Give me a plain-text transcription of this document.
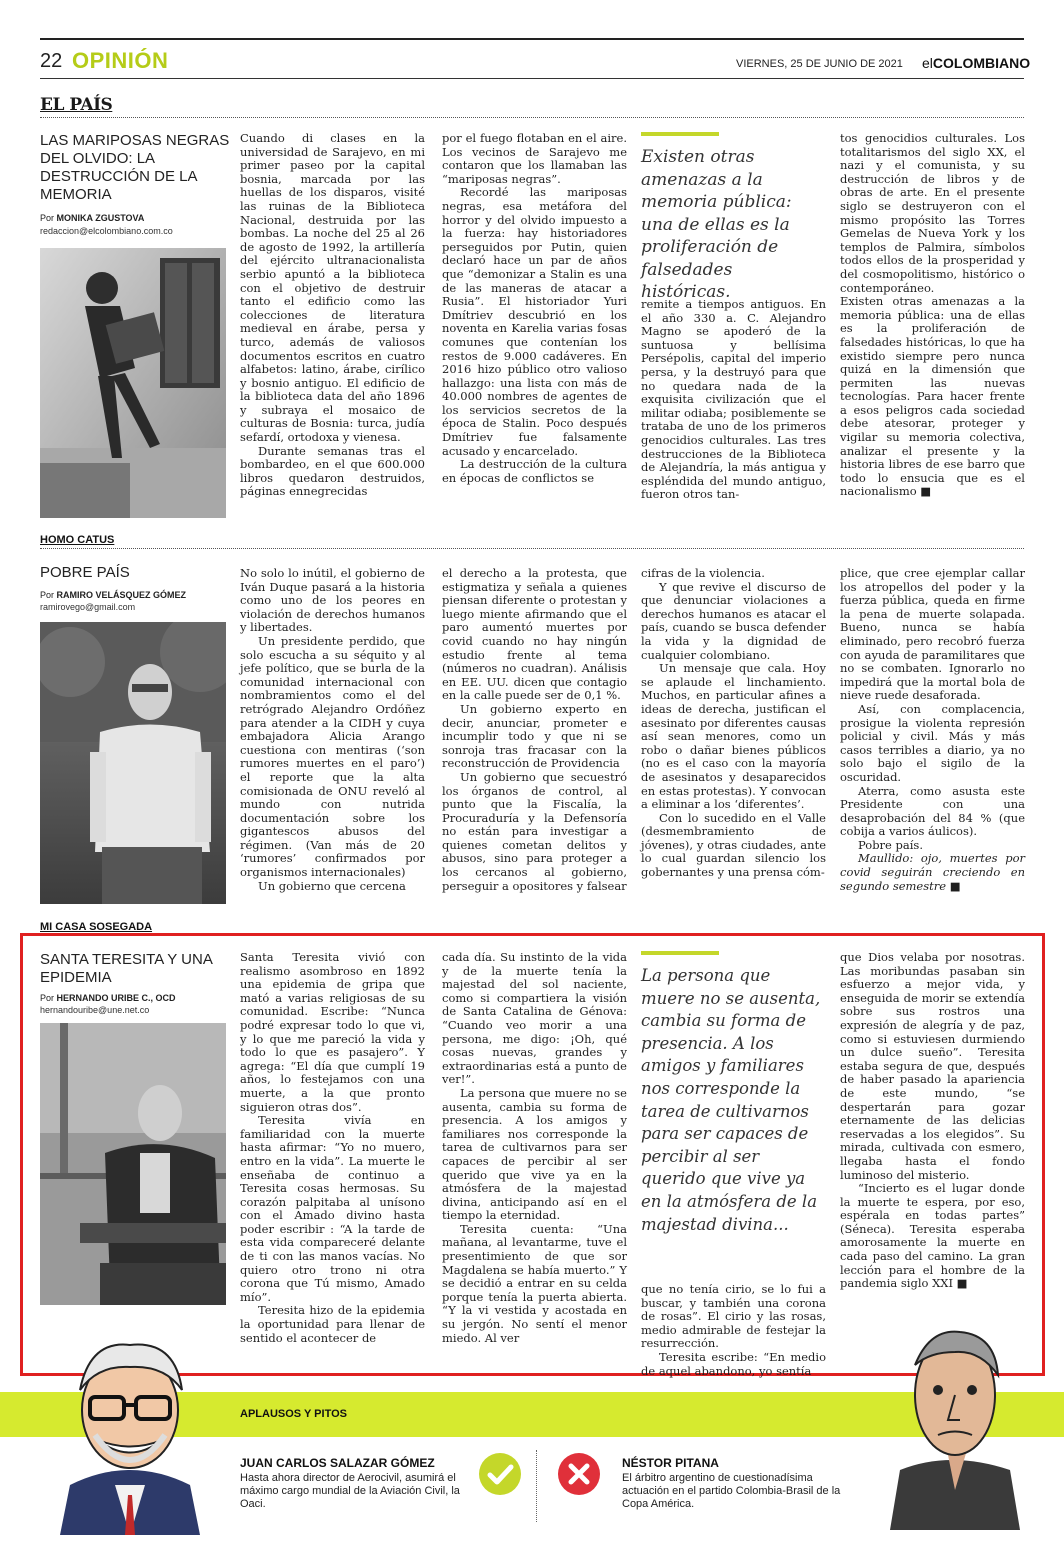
22 OPINIÓN	VIERNES, 25 DE JUNIO DE 2021 elCOLOMBIANO
EL PAÍS
LAS MARIPOSAS NEGRAS DEL OLVIDO: LA DESTRUCCIÓN DE LA MEMORIA
Por MONIKA ZGUSTOVA
redaccion@elcolombiano.com.co

Cuando di clases en la universidad de Sarajevo, en mi primer paseo por la capital bosnia, marcada por las huellas de los disparos, visité las ruinas de la Biblioteca Nacional, destruida por las bombas. La noche del 25 al 26 de agosto de 1992, la artillería del ejército ultranacionalista serbio apuntó a la biblioteca con el objetivo de destruir tanto el edificio como las colecciones de literatura medieval en árabe, persa y turco, además de valiosos documentos escritos en cuatro alfabetos: latino, árabe, cirílico y bosnio antiguo. El edificio de la biblioteca data del año 1896 y subraya el mosaico de culturas de Bosnia: turca, judía sefardí, ortodoxa y vienesa.

Durante semanas tras el bombardeo, en el que 600.000 libros quedaron destruidos, páginas ennegrecidas

por el fuego flotaban en el aire. Los vecinos de Sarajevo me contaron que los llamaban las “mariposas negras”.

Recordé las mariposas negras, esa metáfora del horror y del olvido impuesto a la fuerza: hay historiadores perseguidos por Putin, quien declaró hace un par de años que “demonizar a Stalin es una de las maneras de atacar a Rusia”. El historiador Yuri Dmítriev descubrió en los noventa en Karelia varias fosas comunes que contenían los restos de 9.000 cadáveres. En 2016 hizo público otro valioso hallazgo: una lista con más de 40.000 nombres de agentes de los servicios secretos de la época de Stalin. Poco después Dmítriev fue falsamente acusado y encarcelado.

La destrucción de la cultura en épocas de conflictos se

Existen otras amenazas a la memoria pública: una de ellas es la proliferación de falsedades históricas.

remite a tiempos antiguos. En el año 330 a. C. Alejandro Magno se apoderó de la suntuosa y bellísima Persépolis, capital del imperio persa, y la destruyó para que no quedara nada de la exquisita civilización que el militar odiaba; posiblemente se trataba de uno de los primeros genocidios culturales. Las tres destrucciones de la Biblioteca de Alejandría, la más antigua y espléndida del mundo antiguo, fueron otros tan-

tos genocidios culturales. Los totalitarismos del siglo XX, el nazi y el comunista, y su destrucción de libros y de obras de arte. En el presente siglo se destruyeron con el mismo propósito las Torres Gemelas de Nueva York y los templos de Palmira, símbolos todos ellos de la prosperidad y del cosmopolitismo, histórico o contemporáneo.

Existen otras amenazas a la memoria pública: una de ellas es la proliferación de falsedades históricas, lo que ha existido siempre pero nunca quizá en la dimensión que permiten las nuevas tecnologías. Para hacer frente a esos peligros cada sociedad debe atesorar, proteger y vigilar su memoria colectiva, analizar el presente y la historia libres de ese barro que todo lo ensucia que es el nacionalismo ■

HOMO CATUS
POBRE PAÍS
Por RAMIRO VELÁSQUEZ GÓMEZ
ramirovego@gmail.com

No solo lo inútil, el gobierno de Iván Duque pasará a la historia como uno de los peores en violación de derechos humanos y libertades.

Un presidente perdido, que solo escucha a su séquito y al jefe político, que se burla de la comunidad internacional con nombramientos como el del retrógrado Alejandro Ordóñez para atender a la CIDH y cuya embajadora Alicia Arango cuestiona con mentiras (‘son rumores muertes en el paro’) el reporte que la alta comisionada de ONU reveló al mundo con nutrida documentación sobre los gigantescos abusos del régimen. (Van más de 20 ‘rumores’ confirmados por organismos internacionales)

Un gobierno que cercena

el derecho a la protesta, que estigmatiza y señala a quienes piensan diferente o protestan y luego miente afirmando que el paro aumentó muertes por covid cuando no hay ningún estudio frente al tema (números no cuadran). Análisis en EE. UU. dicen que contagio en la calle puede ser de 0,1 %.

Un gobierno experto en decir, anunciar, prometer e incumplir todo y que ni se sonroja tras fracasar con la reconstrucción de Providencia

Un gobierno que secuestró los órganos de control, al punto que la Fiscalía, la Procuraduría y la Defensoría no están para investigar a quienes cometan delitos y abusos, sino para proteger a los cercanos al gobierno, perseguir a opositores y falsear

cifras de la violencia.

Y que revive el discurso de que denunciar violaciones a derechos humanos es atacar el país, cuando se busca defender la vida y la dignidad de cualquier colombiano.

Un mensaje que cala. Hoy se aplaude el linchamiento. Muchos, en particular afines a ideas de derecha, justifican el asesinato por diferentes causas así sean menores, como un robo o dañar bienes públicos (no es el caso con la mayoría de asesinatos y desaparecidos en estas protestas). Y convocan a eliminar a los ‘diferentes’.

Con lo sucedido en el Valle (desmembramiento de jóvenes), y otras ciudades, ante lo cual guardan silencio los gobernantes y una prensa cóm-

plice, que cree ejemplar callar los atropellos del poder y la fuerza pública, queda en firme la pena de muerte solapada. Bueno, nunca se había eliminado, pero recobró fuerza con ayuda de paramilitares que no se combaten. Ignorarlo no impedirá que la mortal bola de nieve ruede desaforada.

Así, con complacencia, prosigue la violenta represión policial y civil. Más y más casos terribles a diario, ya no solo bajo el sigilo de la oscuridad.

Aterra, como asusta este Presidente con una desaprobación del 84 % (que cobija a varios áulicos).

Pobre país.

Maullido: ojo, muertes por covid seguirán creciendo en segundo semestre ■

MI CASA SOSEGADA
SANTA TERESITA Y UNA EPIDEMIA
Por HERNANDO URIBE C., OCD
hernandouribe@une.net.co

Santa Teresita vivió con realismo asombroso en 1892 una epidemia de gripa que mató a varias religiosas de su comunidad. Escribe: “Nunca podré expresar todo lo que vi, y lo que me pareció la vida y todo lo que es pasajero”. Y agrega: “El día que cumplí 19 años, lo festejamos con una muerte, a la que pronto siguieron otras dos”.

Teresita vivía en familiaridad con la muerte hasta afirmar: “Yo no muero, entro en la vida”. La muerte le enseñaba de continuo a Teresita cosas hermosas. Su corazón palpitaba al unísono con el Amado divino hasta poder escribir : “A la tarde de esta vida compareceré delante de ti con las manos vacías. No quiero otro trono ni otra corona que Tú mismo, Amado mío”.

Teresita hizo de la epidemia la oportunidad para llenar de sentido el acontecer de

cada día. Su instinto de la vida y de la muerte tenía la majestad del sol naciente, como si compartiera la visión de Santa Catalina de Génova: “Cuando veo morir a una persona, me digo: ¡Oh, qué cosas nuevas, grandes y extraordinarias está a punto de ver!”.

La persona que muere no se ausenta, cambia su forma de presencia. A los amigos y familiares nos corresponde la tarea de cultivarnos para ser capaces de percibir al ser querido que vive ya en la atmósfera de la majestad divina, anticipando así en el tiempo la eternidad.

Teresita cuenta: “Una mañana, al levantarme, tuve el presentimiento de que sor Magdalena se había muerto.” Y se decidió a entrar en su celda porque tenía la puerta abierta. “Y la vi vestida y acostada en su jergón. No sentí el menor miedo. Al ver

La persona que muere no se ausenta, cambia su forma de presencia. A los amigos y familiares nos corresponde la tarea de cultivarnos para ser capaces de percibir al ser querido que vive ya en la atmósfera de la majestad divina...

que no tenía cirio, se lo fui a buscar, y también una corona de rosas”. El cirio y las rosas, medio admirable de festejar la resurrección.

Teresita escribe: “En medio de aquel abandono, yo sentía

que Dios velaba por nosotras. Las moribundas pasaban sin esfuerzo a mejor vida, y enseguida de morir se extendía sobre sus rostros una expresión de alegría y de paz, como si estuviesen durmiendo un dulce sueño”. Teresita estaba segura de que, después de haber pasado la apariencia de este mundo, “se despertarán para gozar eternamente de las delicias reservadas a los elegidos”. Su mirada, cultivada con esmero, llegaba hasta el fondo luminoso del misterio.

“Incierto es el lugar donde la muerte te espera, por eso, espérala en todas partes” (Séneca). Teresita esperaba amorosamente la muerte en cada paso del camino. La gran lección para el hombre de la pandemia siglo XXI ■

APLAUSOS Y PITOS
JUAN CARLOS SALAZAR GÓMEZ
Hasta ahora director de Aerocivil, asumirá el máximo cargo mundial de la Aviación Civil, la Oaci.
NÉSTOR PITANA
El árbitro argentino de cuestionadísima actuación en el partido Colombia-Brasil de la Copa América.
